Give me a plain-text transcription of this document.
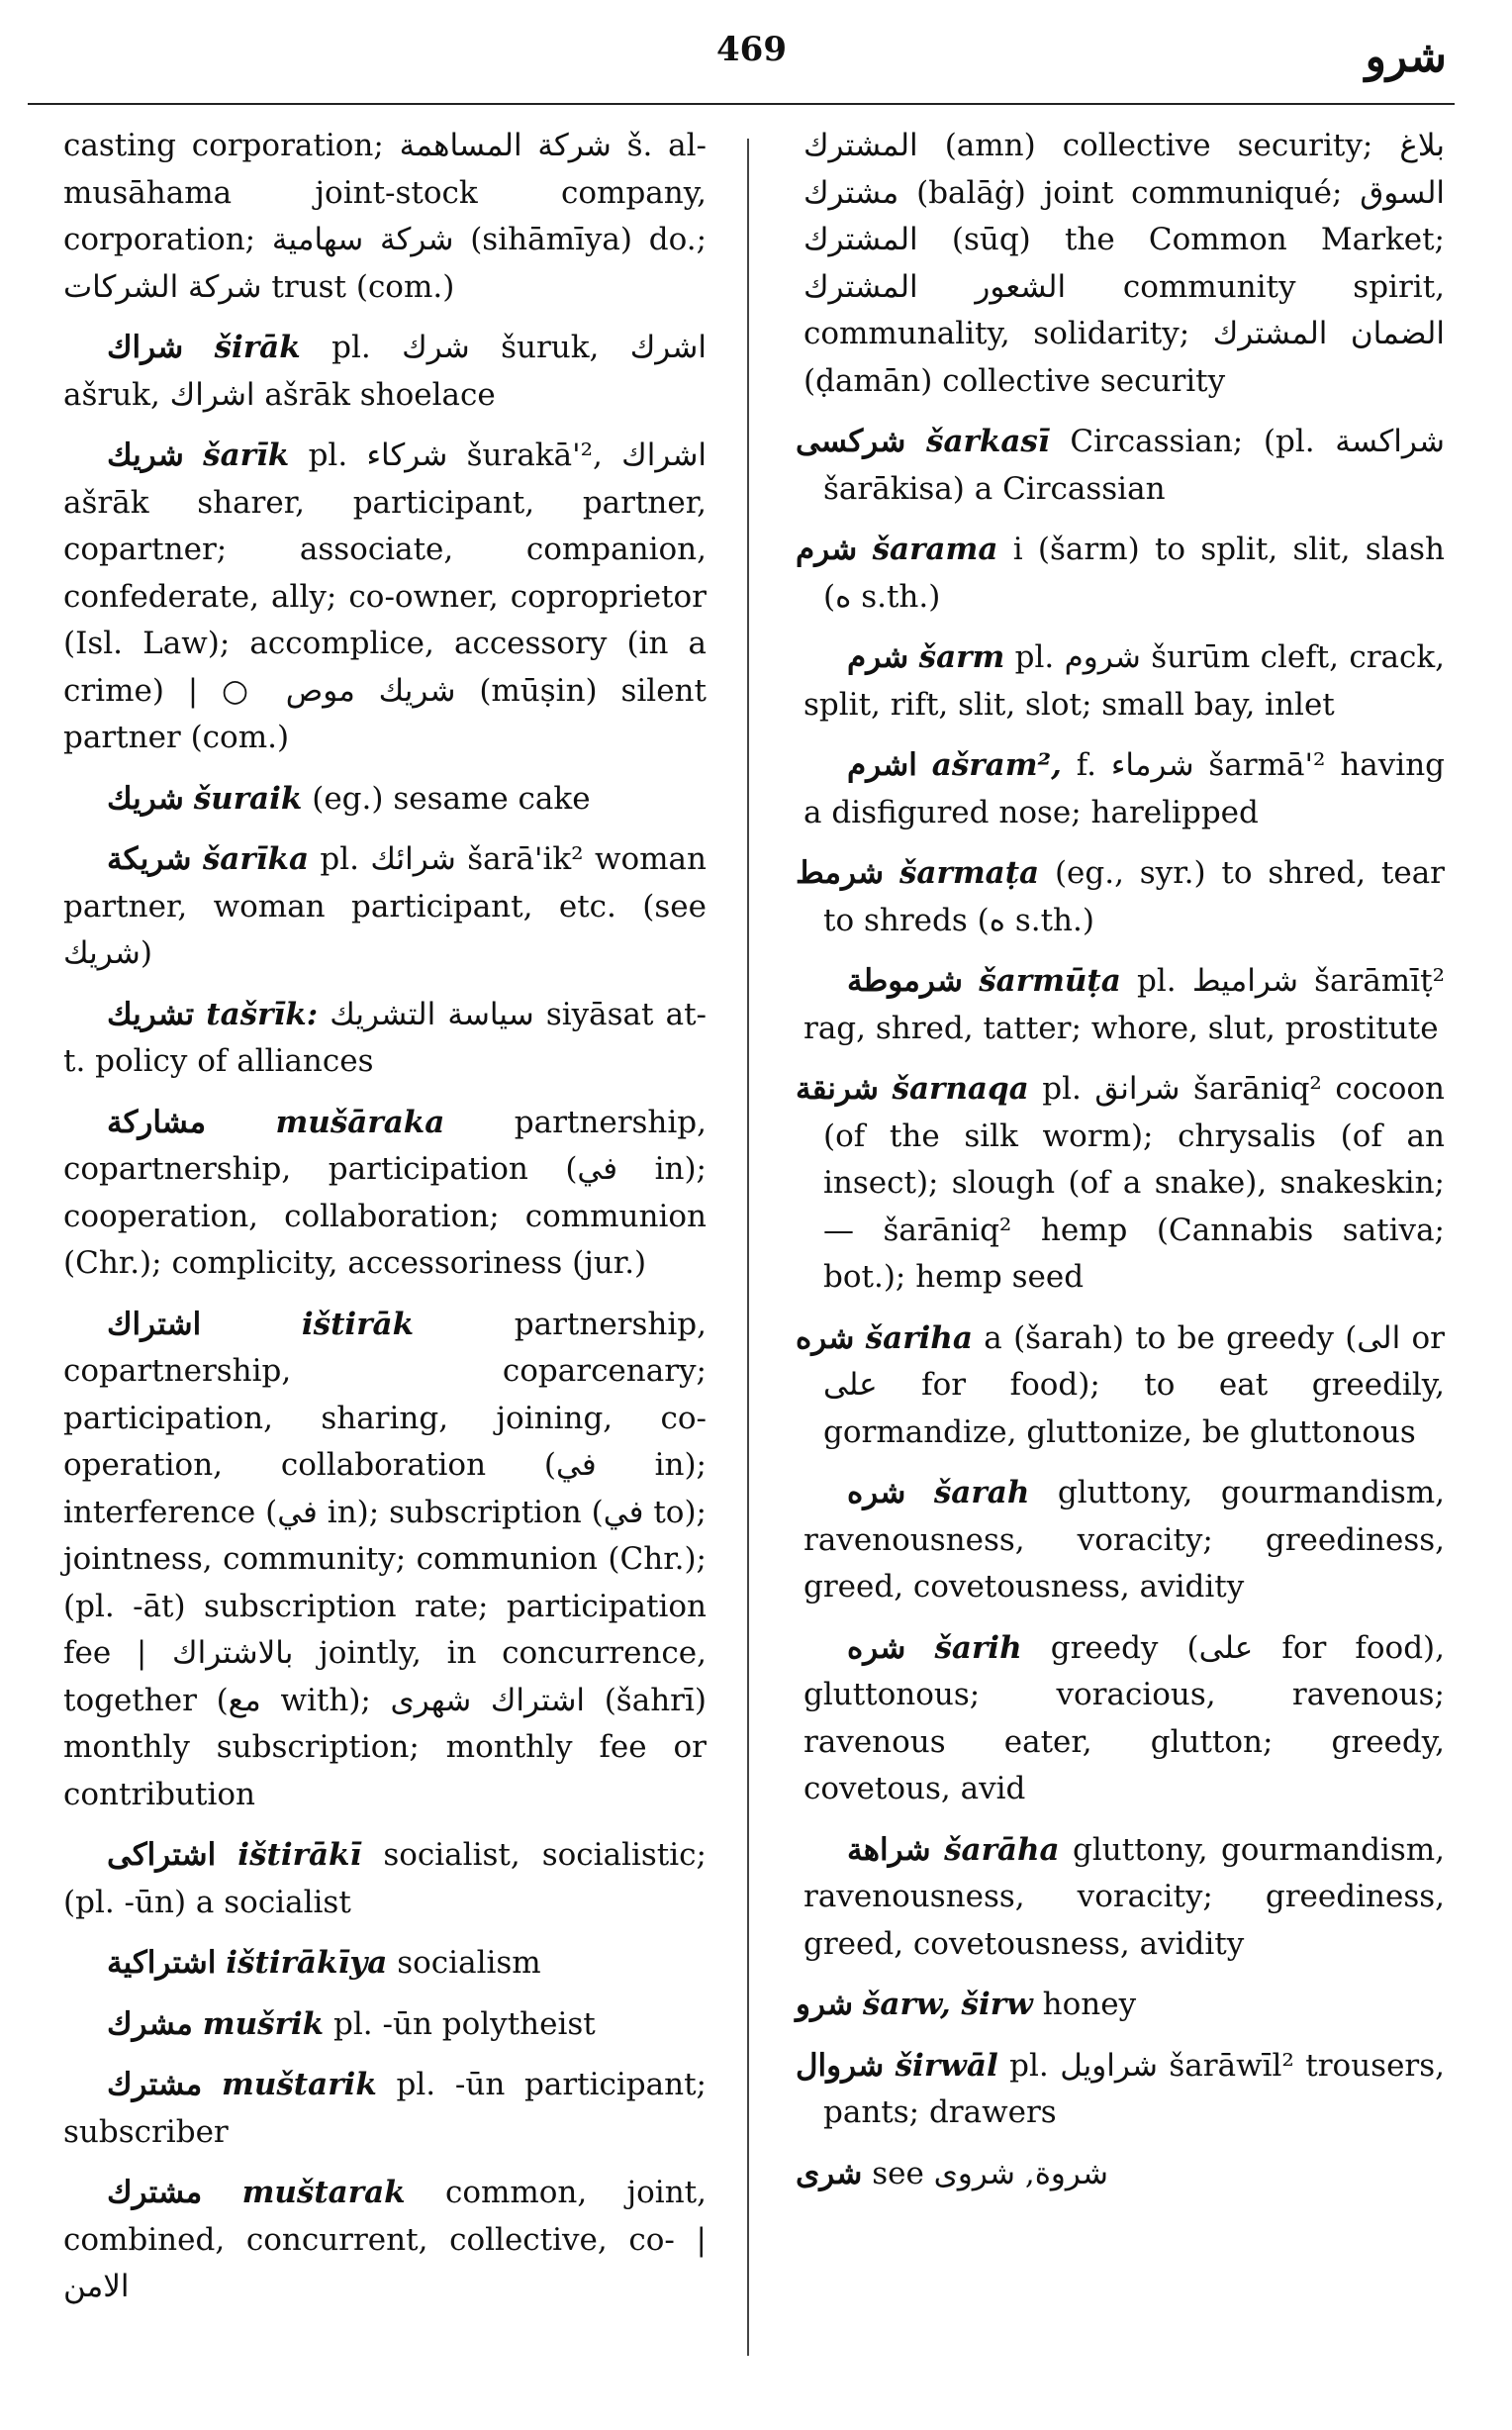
469	شرو

casting corporation; شركة المساهمة š. al-musāhama joint-stock company, corporation; شركة سهامية (sihāmīya) do.; شركة الشركات trust (com.)

شراك širāk pl. شرك šuruk, اشرك ašruk, اشراك ašrāk shoelace

شريك šarīk pl. شركاء šurakā'², اشراك ašrāk sharer, participant, partner, copartner; associate, companion, confederate, ally; co-owner, coproprietor (Isl. Law); accomplice, accessory (in a crime) | ○ شريك موص (mūṣin) silent partner (com.)

شريك šuraik (eg.) sesame cake

شريكة šarīka pl. شرائك šarā'ik² woman partner, woman participant, etc. (see شريك)

تشريك tašrīk: سياسة التشريك siyāsat at-t. policy of alliances

مشاركة mušāraka partnership, copartnership, participation (في in); cooperation, collaboration; communion (Chr.); complicity, accessoriness (jur.)

اشتراك	ištirāk	partnership, copartnership, coparcenary; participation, sharing, joining, co-operation, collaboration (في in); interference (في in); subscription (في to); jointness, community; communion (Chr.); (pl. -āt) subscription rate; participation fee | بالاشتراك jointly, in concurrence, together (مع with); اشتراك شهرى (šahrī) monthly subscription; monthly fee or contribution

اشتراكى ištirākī socialist, socialistic; (pl. -ūn) a socialist

اشتراكية ištirākīya socialism

مشرك mušrik pl. -ūn polytheist

مشترك muštarik pl. -ūn participant; subscriber

مشترك muštarak common, joint, combined, concurrent, collective, co- | الامن

المشترك (amn) collective security; بلاغ مشترك (balāġ) joint communiqué; السوق المشترك (sūq) the Common Market; الشعور المشترك community spirit, communality, solidarity; الضمان المشترك (ḍamān) collective security

شركسى šarkasī Circassian; (pl. شراكسة šarākisa) a Circassian

شرم šarama i (šarm) to split, slit, slash (ه s.th.)

شرم šarm pl. شروم šurūm cleft, crack, split, rift, slit, slot; small bay, inlet

اشرم ašram², f. شرماء šarmā'² having a disfigured nose; harelipped

شرمط šarmaṭa (eg., syr.) to shred, tear to shreds (ه s.th.)

شرموطة šarmūṭa pl. شراميط šarāmīṭ² rag, shred, tatter; whore, slut, prostitute

شرنقة šarnaqa pl. شرانق šarāniq² cocoon (of the silk worm); chrysalis (of an insect); slough (of a snake), snakeskin; — šarāniq² hemp (Cannabis sativa; bot.); hemp seed

شره šariha a (šarah) to be greedy (الى or على for food); to eat greedily, gormandize, gluttonize, be gluttonous

شره šarah gluttony, gourmandism, ravenousness, voracity; greediness, greed, covetousness, avidity

شره šarih greedy (على for food), gluttonous; voracious, ravenous; ravenous eater, glutton; greedy, covetous, avid

شراهة šarāha gluttony, gourmandism, ravenousness, voracity; greediness, greed, covetousness, avidity

شرو šarw, širw honey

شروال širwāl pl. شراويل šarāwīl² trousers, pants; drawers

شرى see شروة, شروى
